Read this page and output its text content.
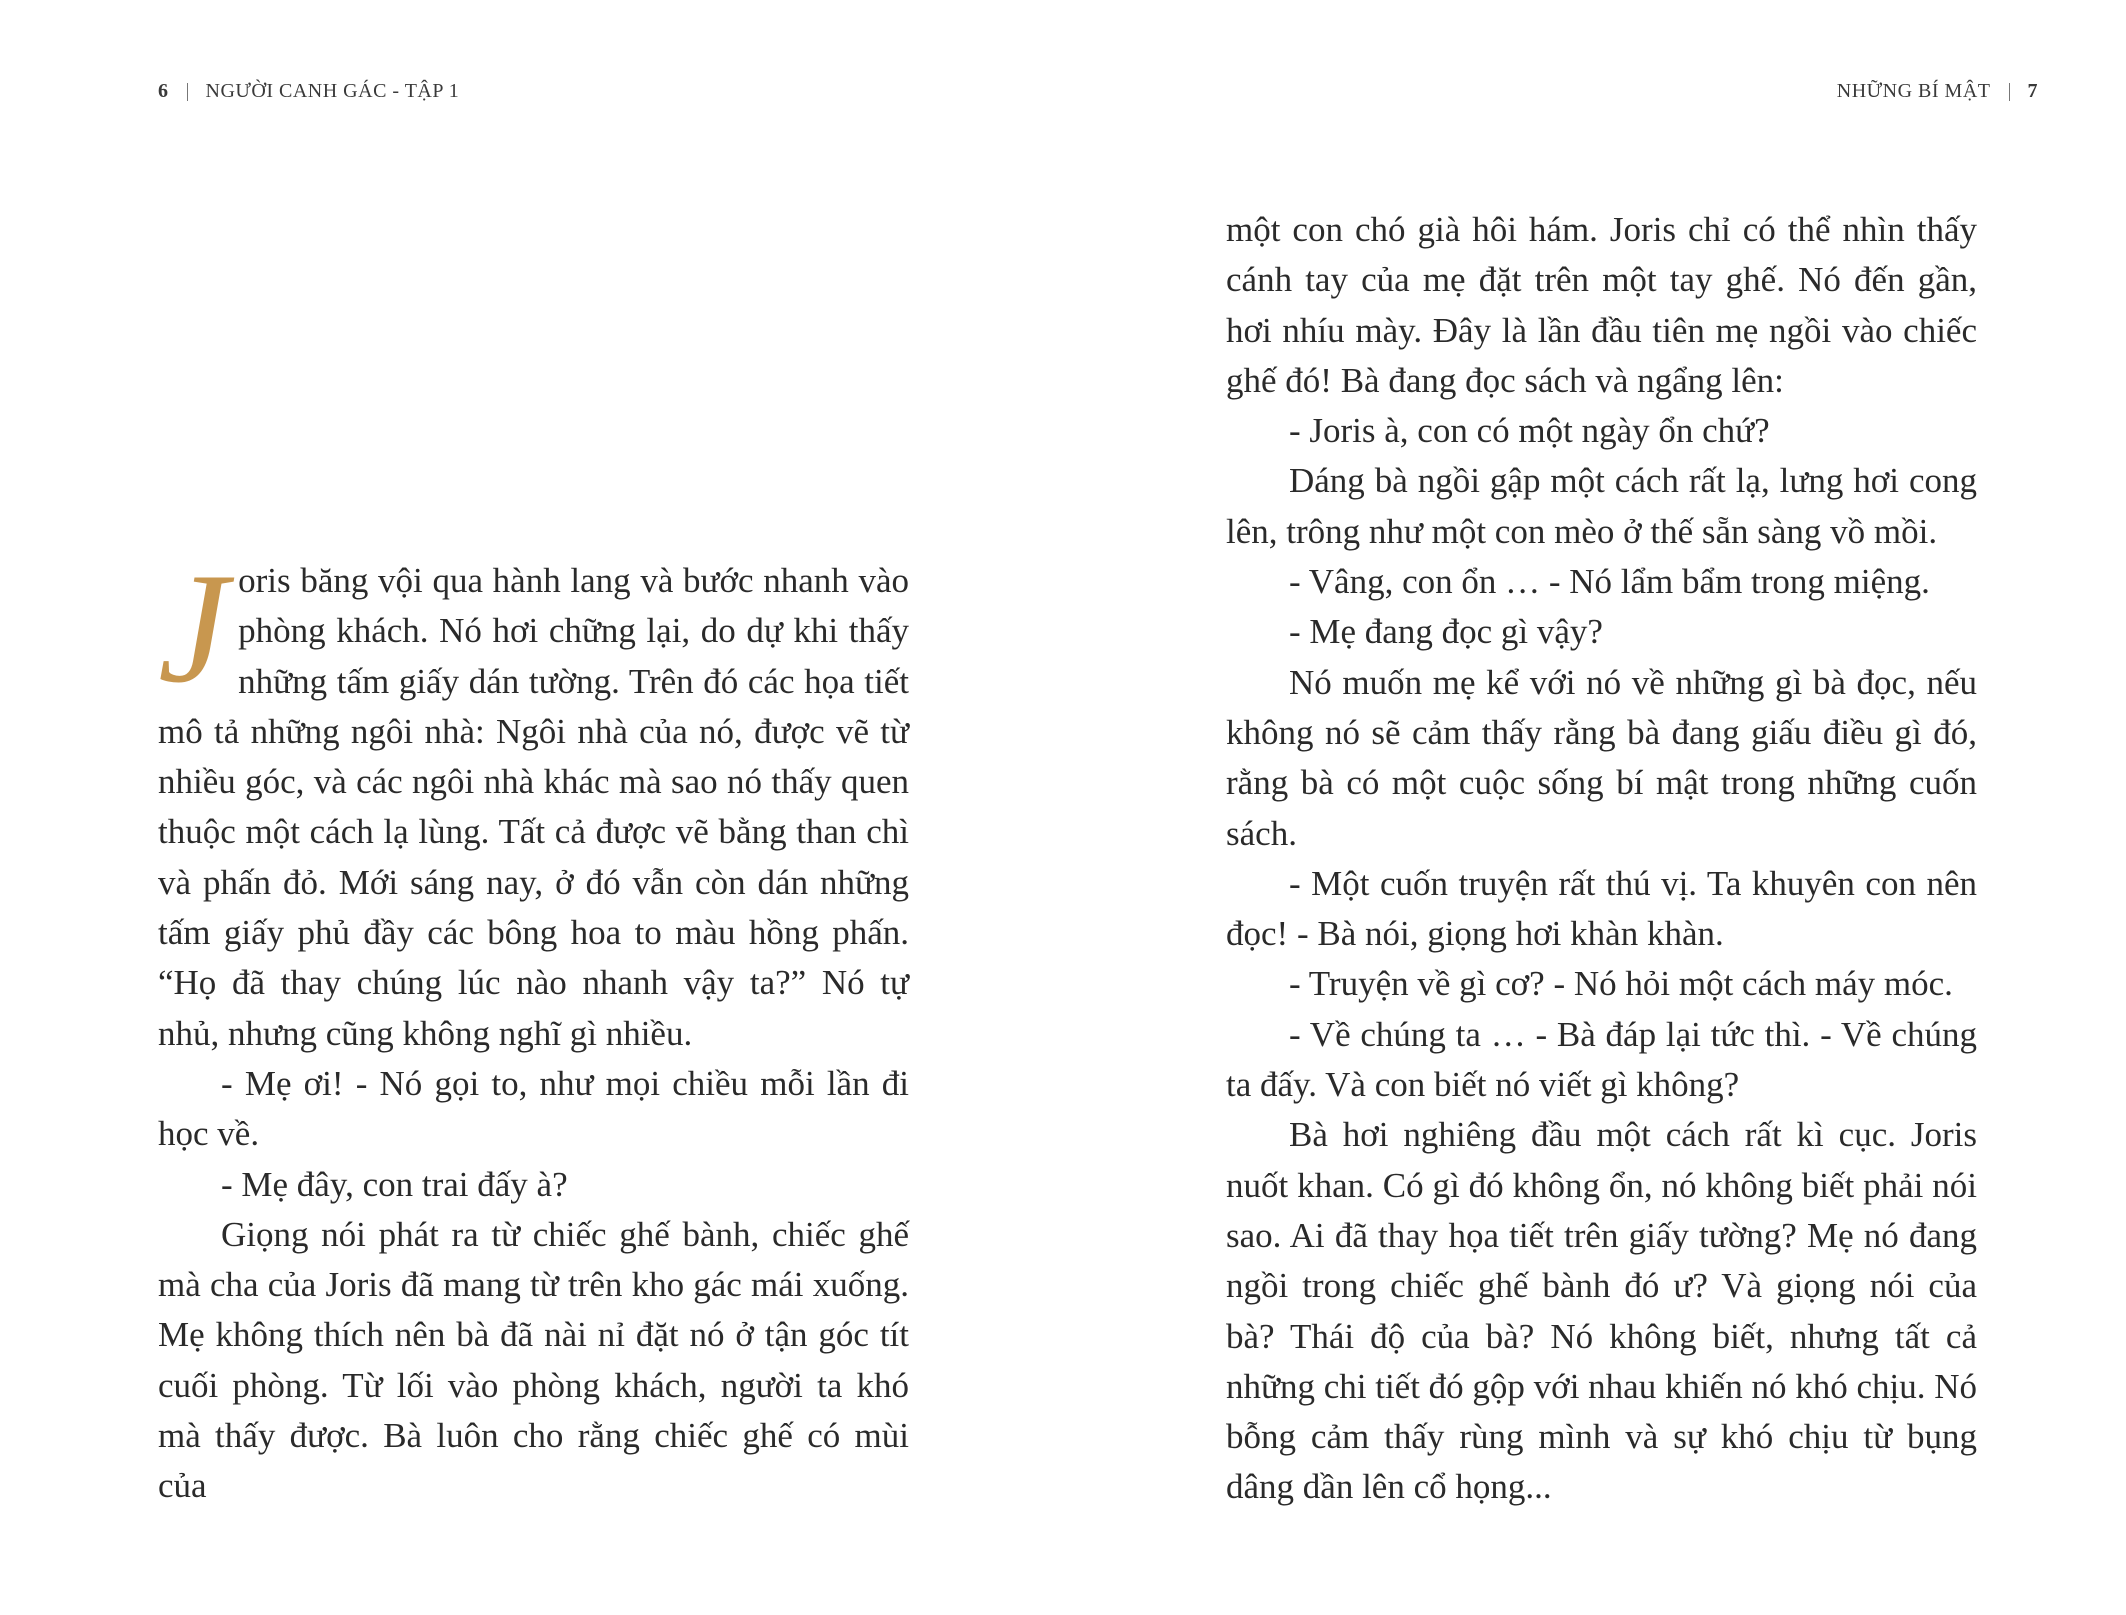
6 NGƯỜI CANH GÁC - TẬP 1

Joris băng vội qua hành lang và bước nhanh vào phòng khách. Nó hơi chững lại, do dự khi thấy những tấm giấy dán tường. Trên đó các họa tiết mô tả những ngôi nhà: Ngôi nhà của nó, được vẽ từ nhiều góc, và các ngôi nhà khác mà sao nó thấy quen thuộc một cách lạ lùng. Tất cả được vẽ bằng than chì và phấn đỏ. Mới sáng nay, ở đó vẫn còn dán những tấm giấy phủ đầy các bông hoa to màu hồng phấn. “Họ đã thay chúng lúc nào nhanh vậy ta?” Nó tự nhủ, nhưng cũng không nghĩ gì nhiều.

- Mẹ ơi! - Nó gọi to, như mọi chiều mỗi lần đi học về.

- Mẹ đây, con trai đấy à?

Giọng nói phát ra từ chiếc ghế bành, chiếc ghế mà cha của Joris đã mang từ trên kho gác mái xuống. Mẹ không thích nên bà đã nài nỉ đặt nó ở tận góc tít cuối phòng. Từ lối vào phòng khách, người ta khó mà thấy được. Bà luôn cho rằng chiếc ghế có mùi của

NHỮNG BÍ MẬT 7

một con chó già hôi hám. Joris chỉ có thể nhìn thấy cánh tay của mẹ đặt trên một tay ghế. Nó đến gần, hơi nhíu mày. Đây là lần đầu tiên mẹ ngồi vào chiếc ghế đó! Bà đang đọc sách và ngẩng lên:

- Joris à, con có một ngày ổn chứ?

Dáng bà ngồi gập một cách rất lạ, lưng hơi cong lên, trông như một con mèo ở thế sẵn sàng vồ mồi.

- Vâng, con ổn … - Nó lẩm bẩm trong miệng.

- Mẹ đang đọc gì vậy?

Nó muốn mẹ kể với nó về những gì bà đọc, nếu không nó sẽ cảm thấy rằng bà đang giấu điều gì đó, rằng bà có một cuộc sống bí mật trong những cuốn sách.

- Một cuốn truyện rất thú vị. Ta khuyên con nên đọc! - Bà nói, giọng hơi khàn khàn.

- Truyện về gì cơ? - Nó hỏi một cách máy móc.

- Về chúng ta … - Bà đáp lại tức thì. - Về chúng ta đấy. Và con biết nó viết gì không?

Bà hơi nghiêng đầu một cách rất kì cục. Joris nuốt khan. Có gì đó không ổn, nó không biết phải nói sao. Ai đã thay họa tiết trên giấy tường? Mẹ nó đang ngồi trong chiếc ghế bành đó ư? Và giọng nói của bà? Thái độ của bà? Nó không biết, nhưng tất cả những chi tiết đó gộp với nhau khiến nó khó chịu. Nó bỗng cảm thấy rùng mình và sự khó chịu từ bụng dâng dần lên cổ họng...
